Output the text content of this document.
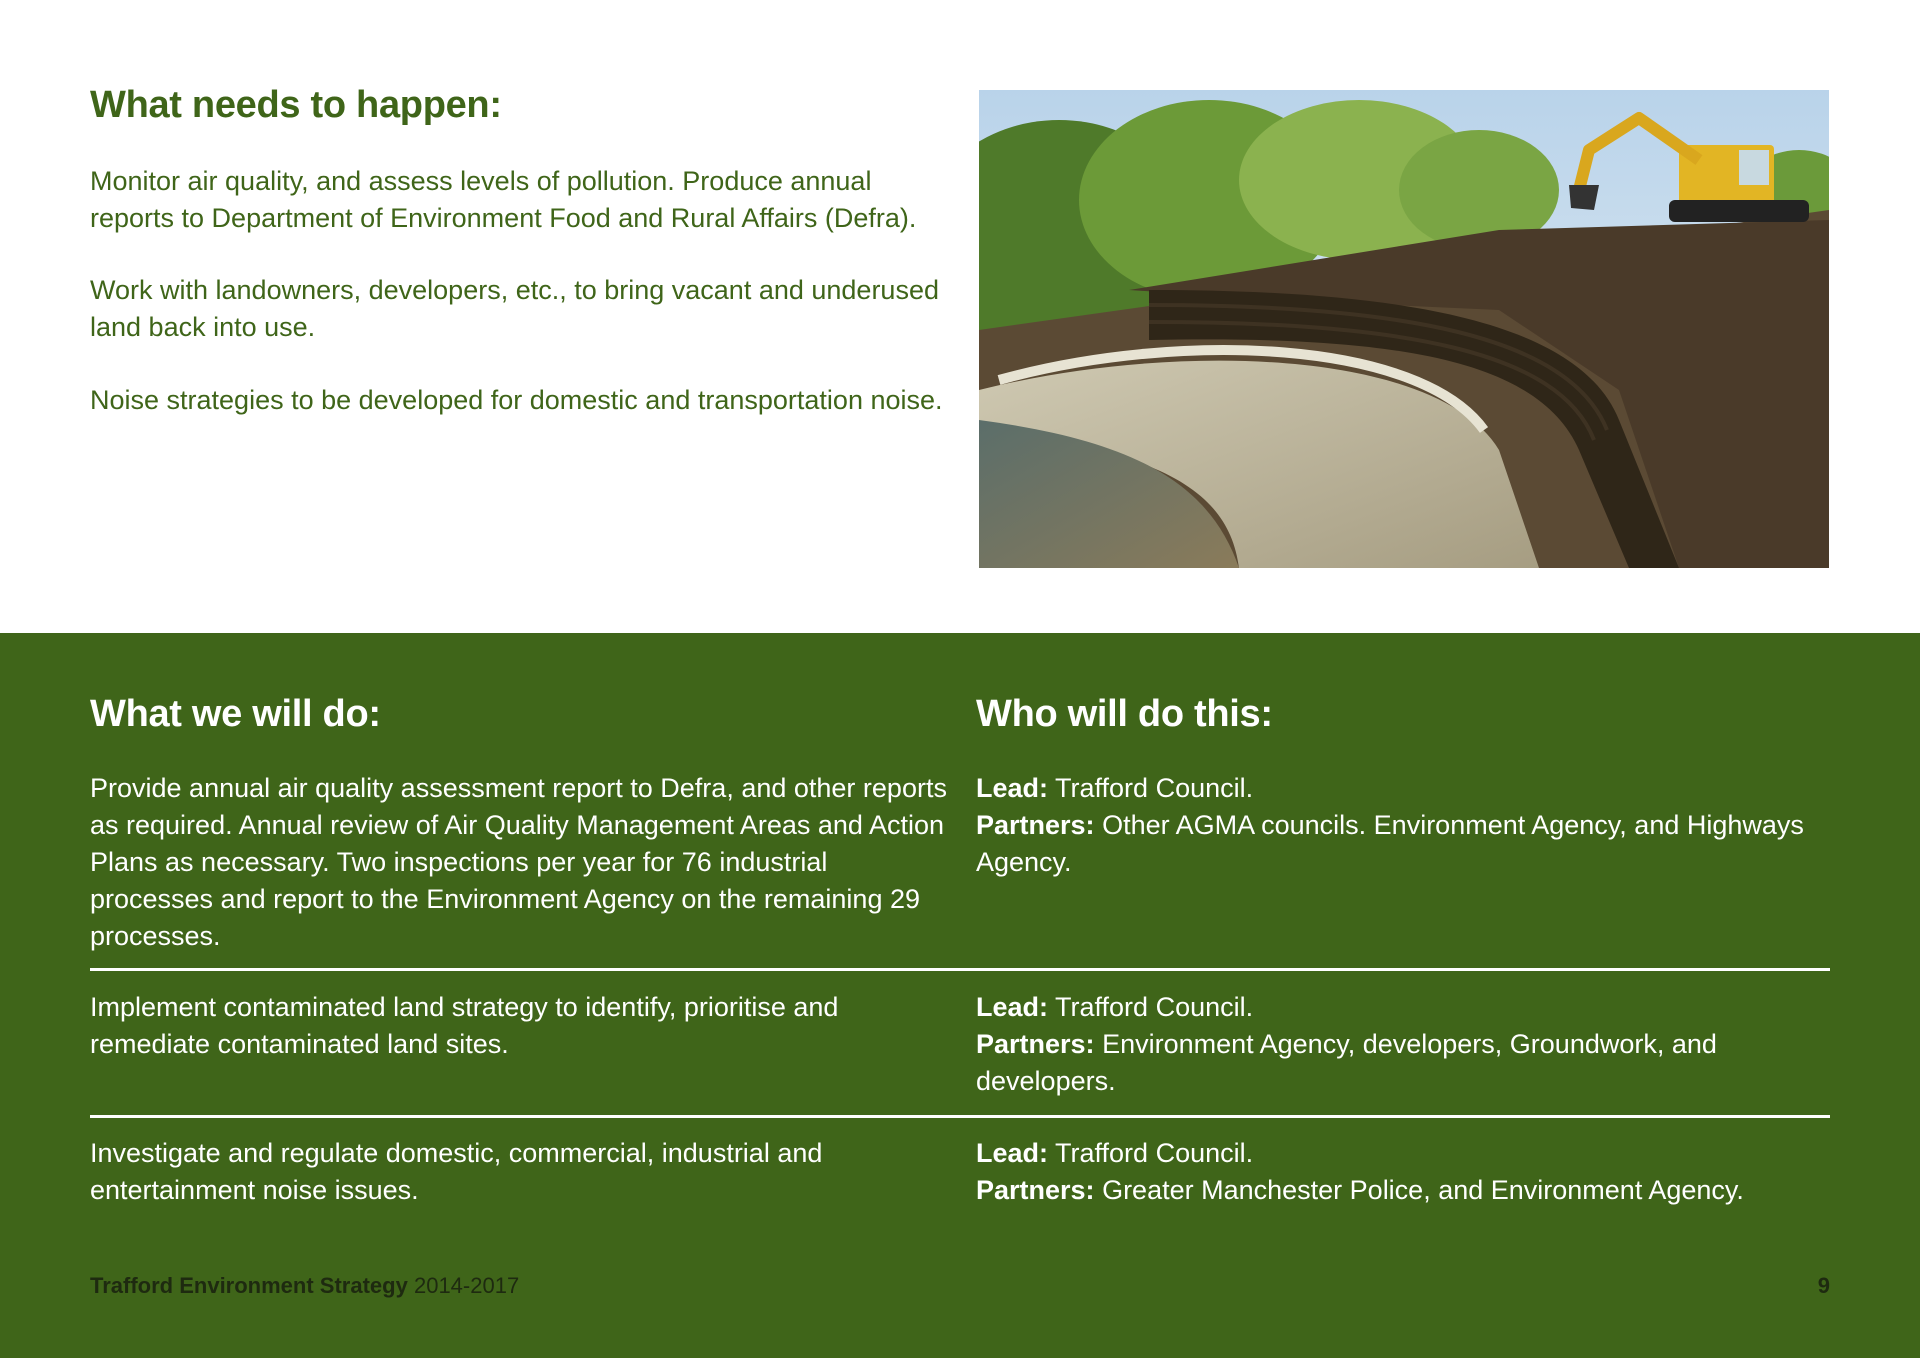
What needs to happen:

Monitor air quality, and assess levels of pollution. Produce annual reports to Department of Environment Food and Rural Affairs (Defra).

Work with landowners, developers, etc., to bring vacant and underused land back into use.

Noise strategies to be developed for domestic and transportation noise.

What we will do:	Who will do this:

Provide annual air quality assessment report to Defra, and other reports as required. Annual review of Air Quality Management Areas and Action Plans as necessary. Two inspections per year for 76 industrial processes and report to the Environment Agency on the remaining 29 processes.

Lead: Trafford Council.
Partners: Other AGMA councils. Environment Agency, and Highways Agency.

Implement contaminated land strategy to identify, prioritise and remediate contaminated land sites.

Lead: Trafford Council.
Partners: Environment Agency, developers, Groundwork, and developers.

Investigate and regulate domestic, commercial, industrial and entertainment noise issues.

Lead: Trafford Council.
Partners: Greater Manchester Police, and Environment Agency.

Trafford Environment Strategy 2014-2017	9
